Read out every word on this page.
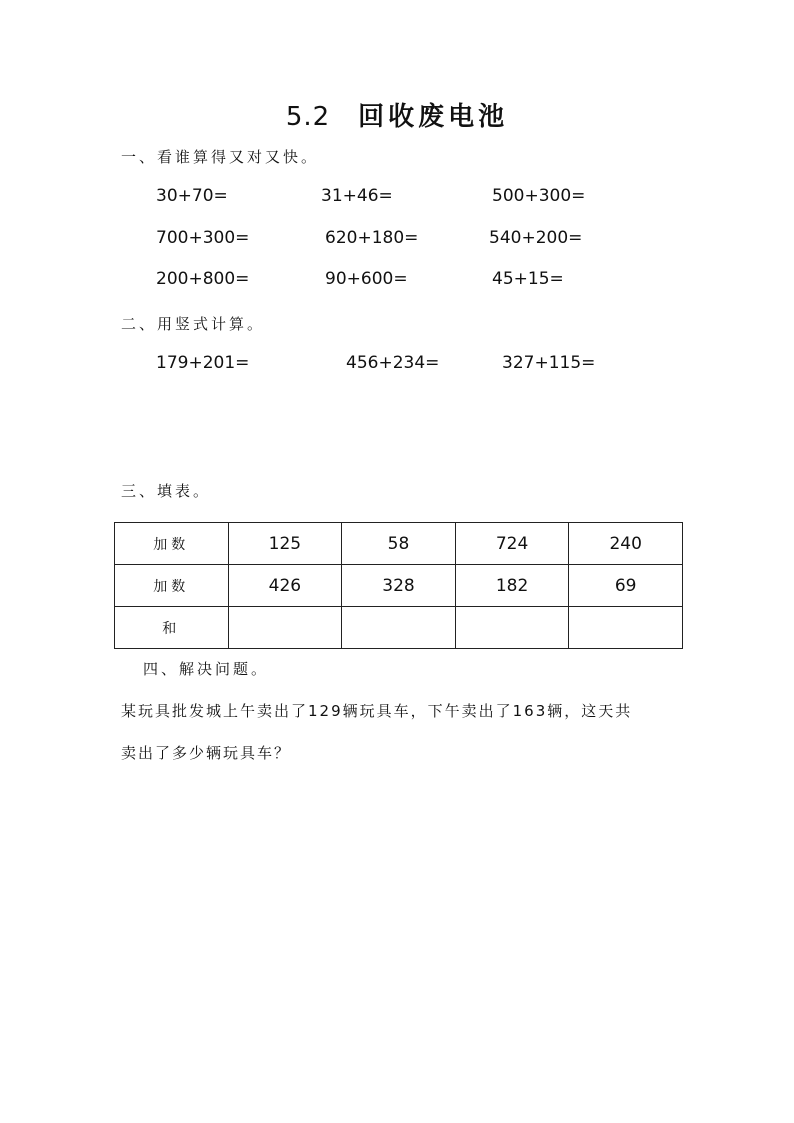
5.2 回收废电池
一、看谁算得又对又快。
30+70=	31+46=	500+300=
700+300=	620+180=	540+200=
200+800=	90+600=	45+15=
二、用竖式计算。
179+201=	456+234=	327+115=
三、填表。
加数	125	58	724	240
加数	426	328	182	69
和				
四、解决问题。
某玩具批发城上午卖出了129辆玩具车，下午卖出了163辆，这天共
卖出了多少辆玩具车？
